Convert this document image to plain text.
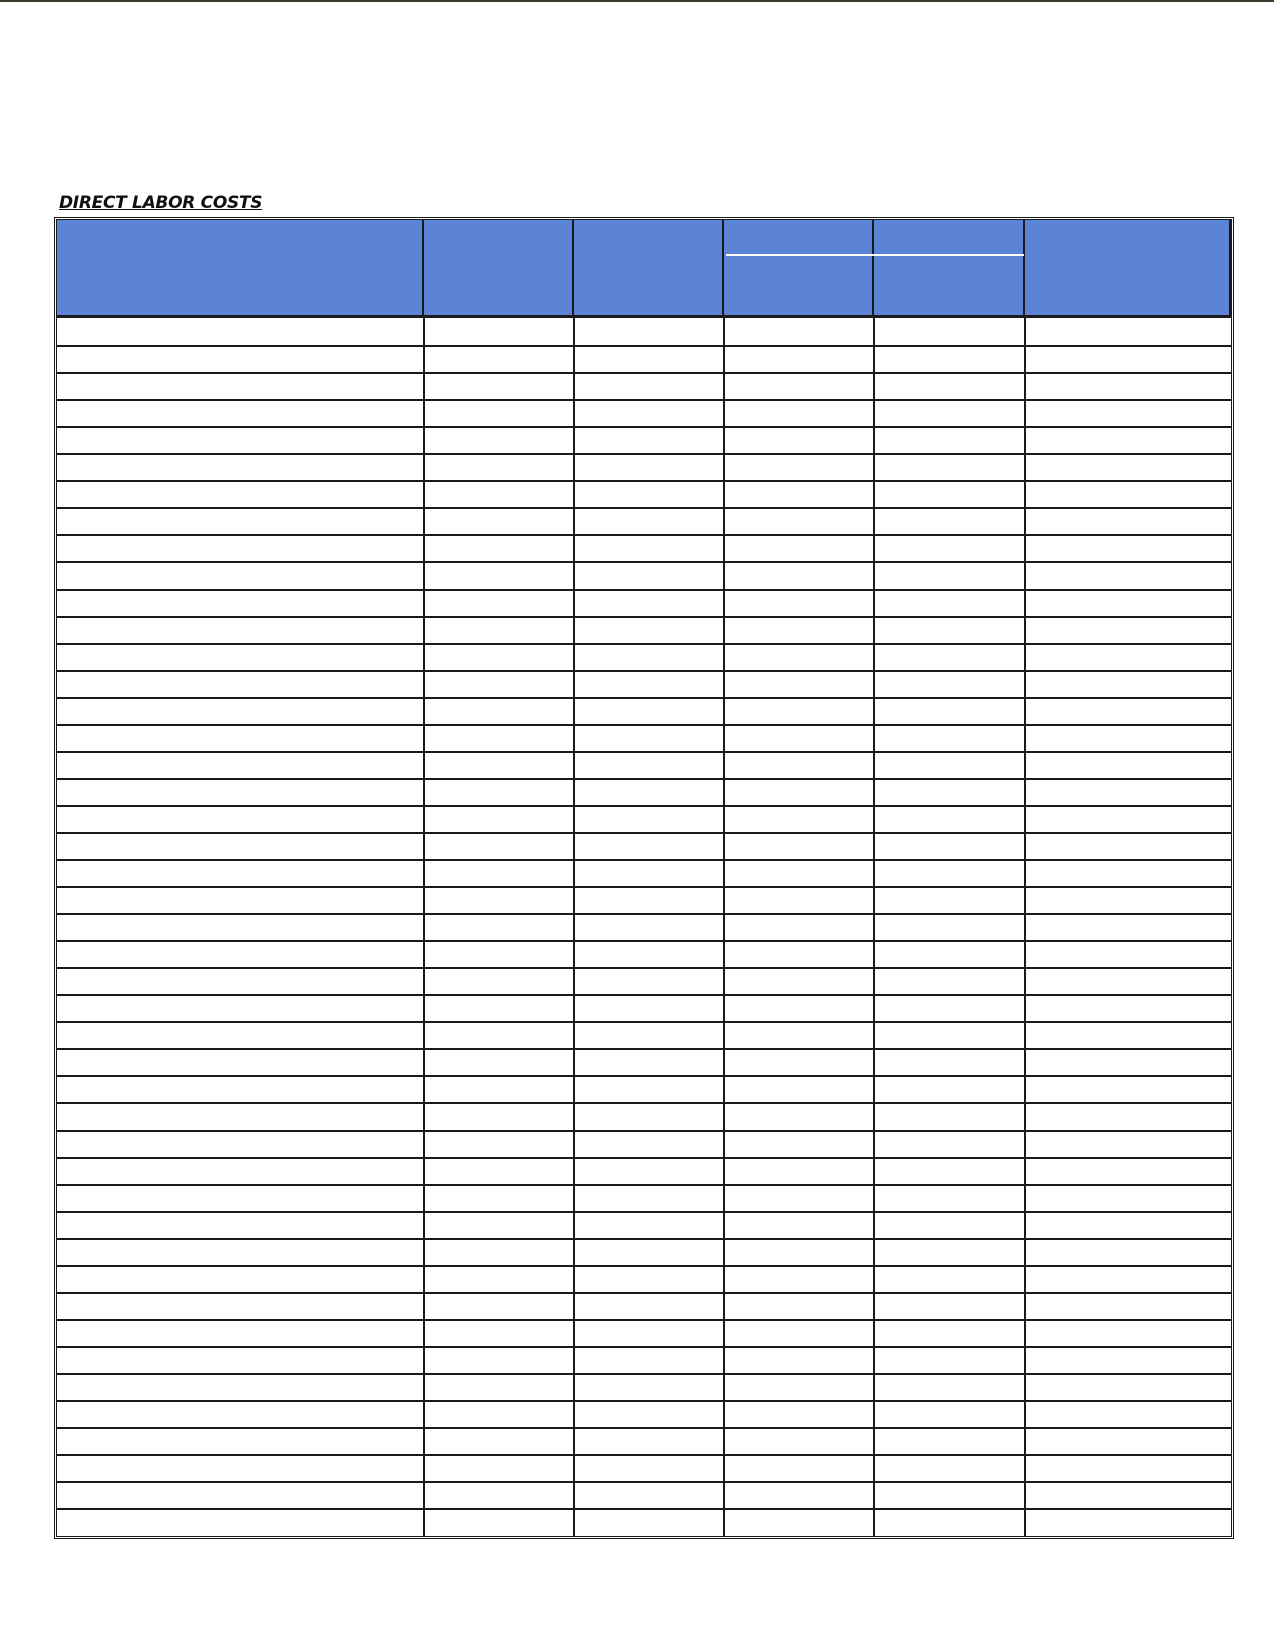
DIRECT LABOR COSTS
